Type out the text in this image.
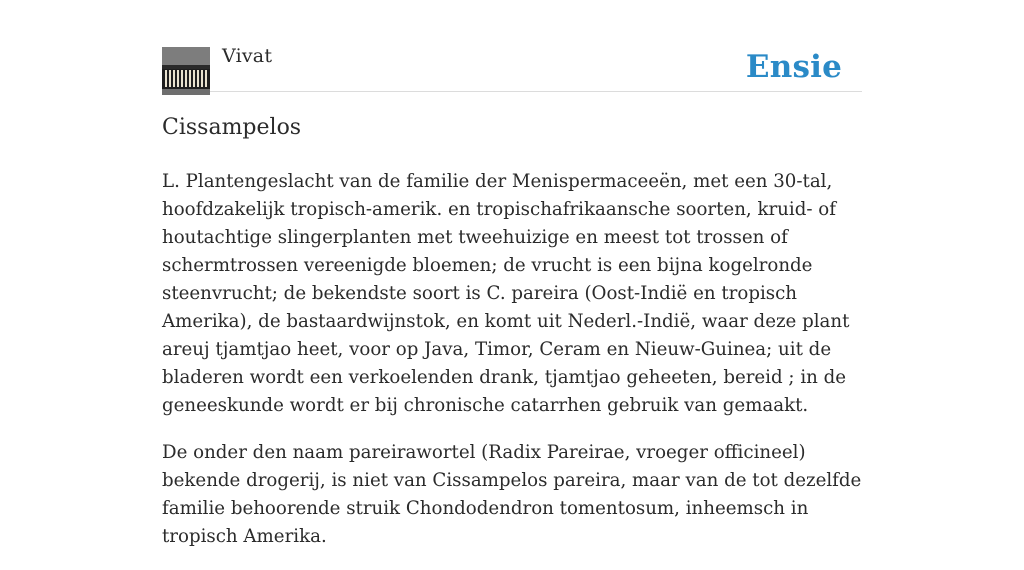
Vivat	Ensie
Cissampelos

L. Plantengeslacht van de familie der Menispermaceeën, met een 30-tal, hoofdzakelijk tropisch-amerik. en tropischafrikaansche soorten, kruid- of houtachtige slingerplanten met tweehuizige en meest tot trossen of schermtrossen vereenigde bloemen; de vrucht is een bijna kogelronde steenvrucht; de bekendste soort is C. pareira (Oost-Indië en tropisch Amerika), de bastaardwijnstok, en komt uit Nederl.-Indië, waar deze plant areuj tjamtjao heet, voor op Java, Timor, Ceram en Nieuw-Guinea; uit de bladeren wordt een verkoelenden drank, tjamtjao geheeten, bereid ; in de geneeskunde wordt er bij chronische catarrhen gebruik van gemaakt.

De onder den naam pareirawortel (Radix Pareirae, vroeger officineel) bekende drogerij, is niet van Cissampelos pareira, maar van de tot dezelfde familie behoorende struik Chondodendron tomentosum, inheemsch in tropisch Amerika.
